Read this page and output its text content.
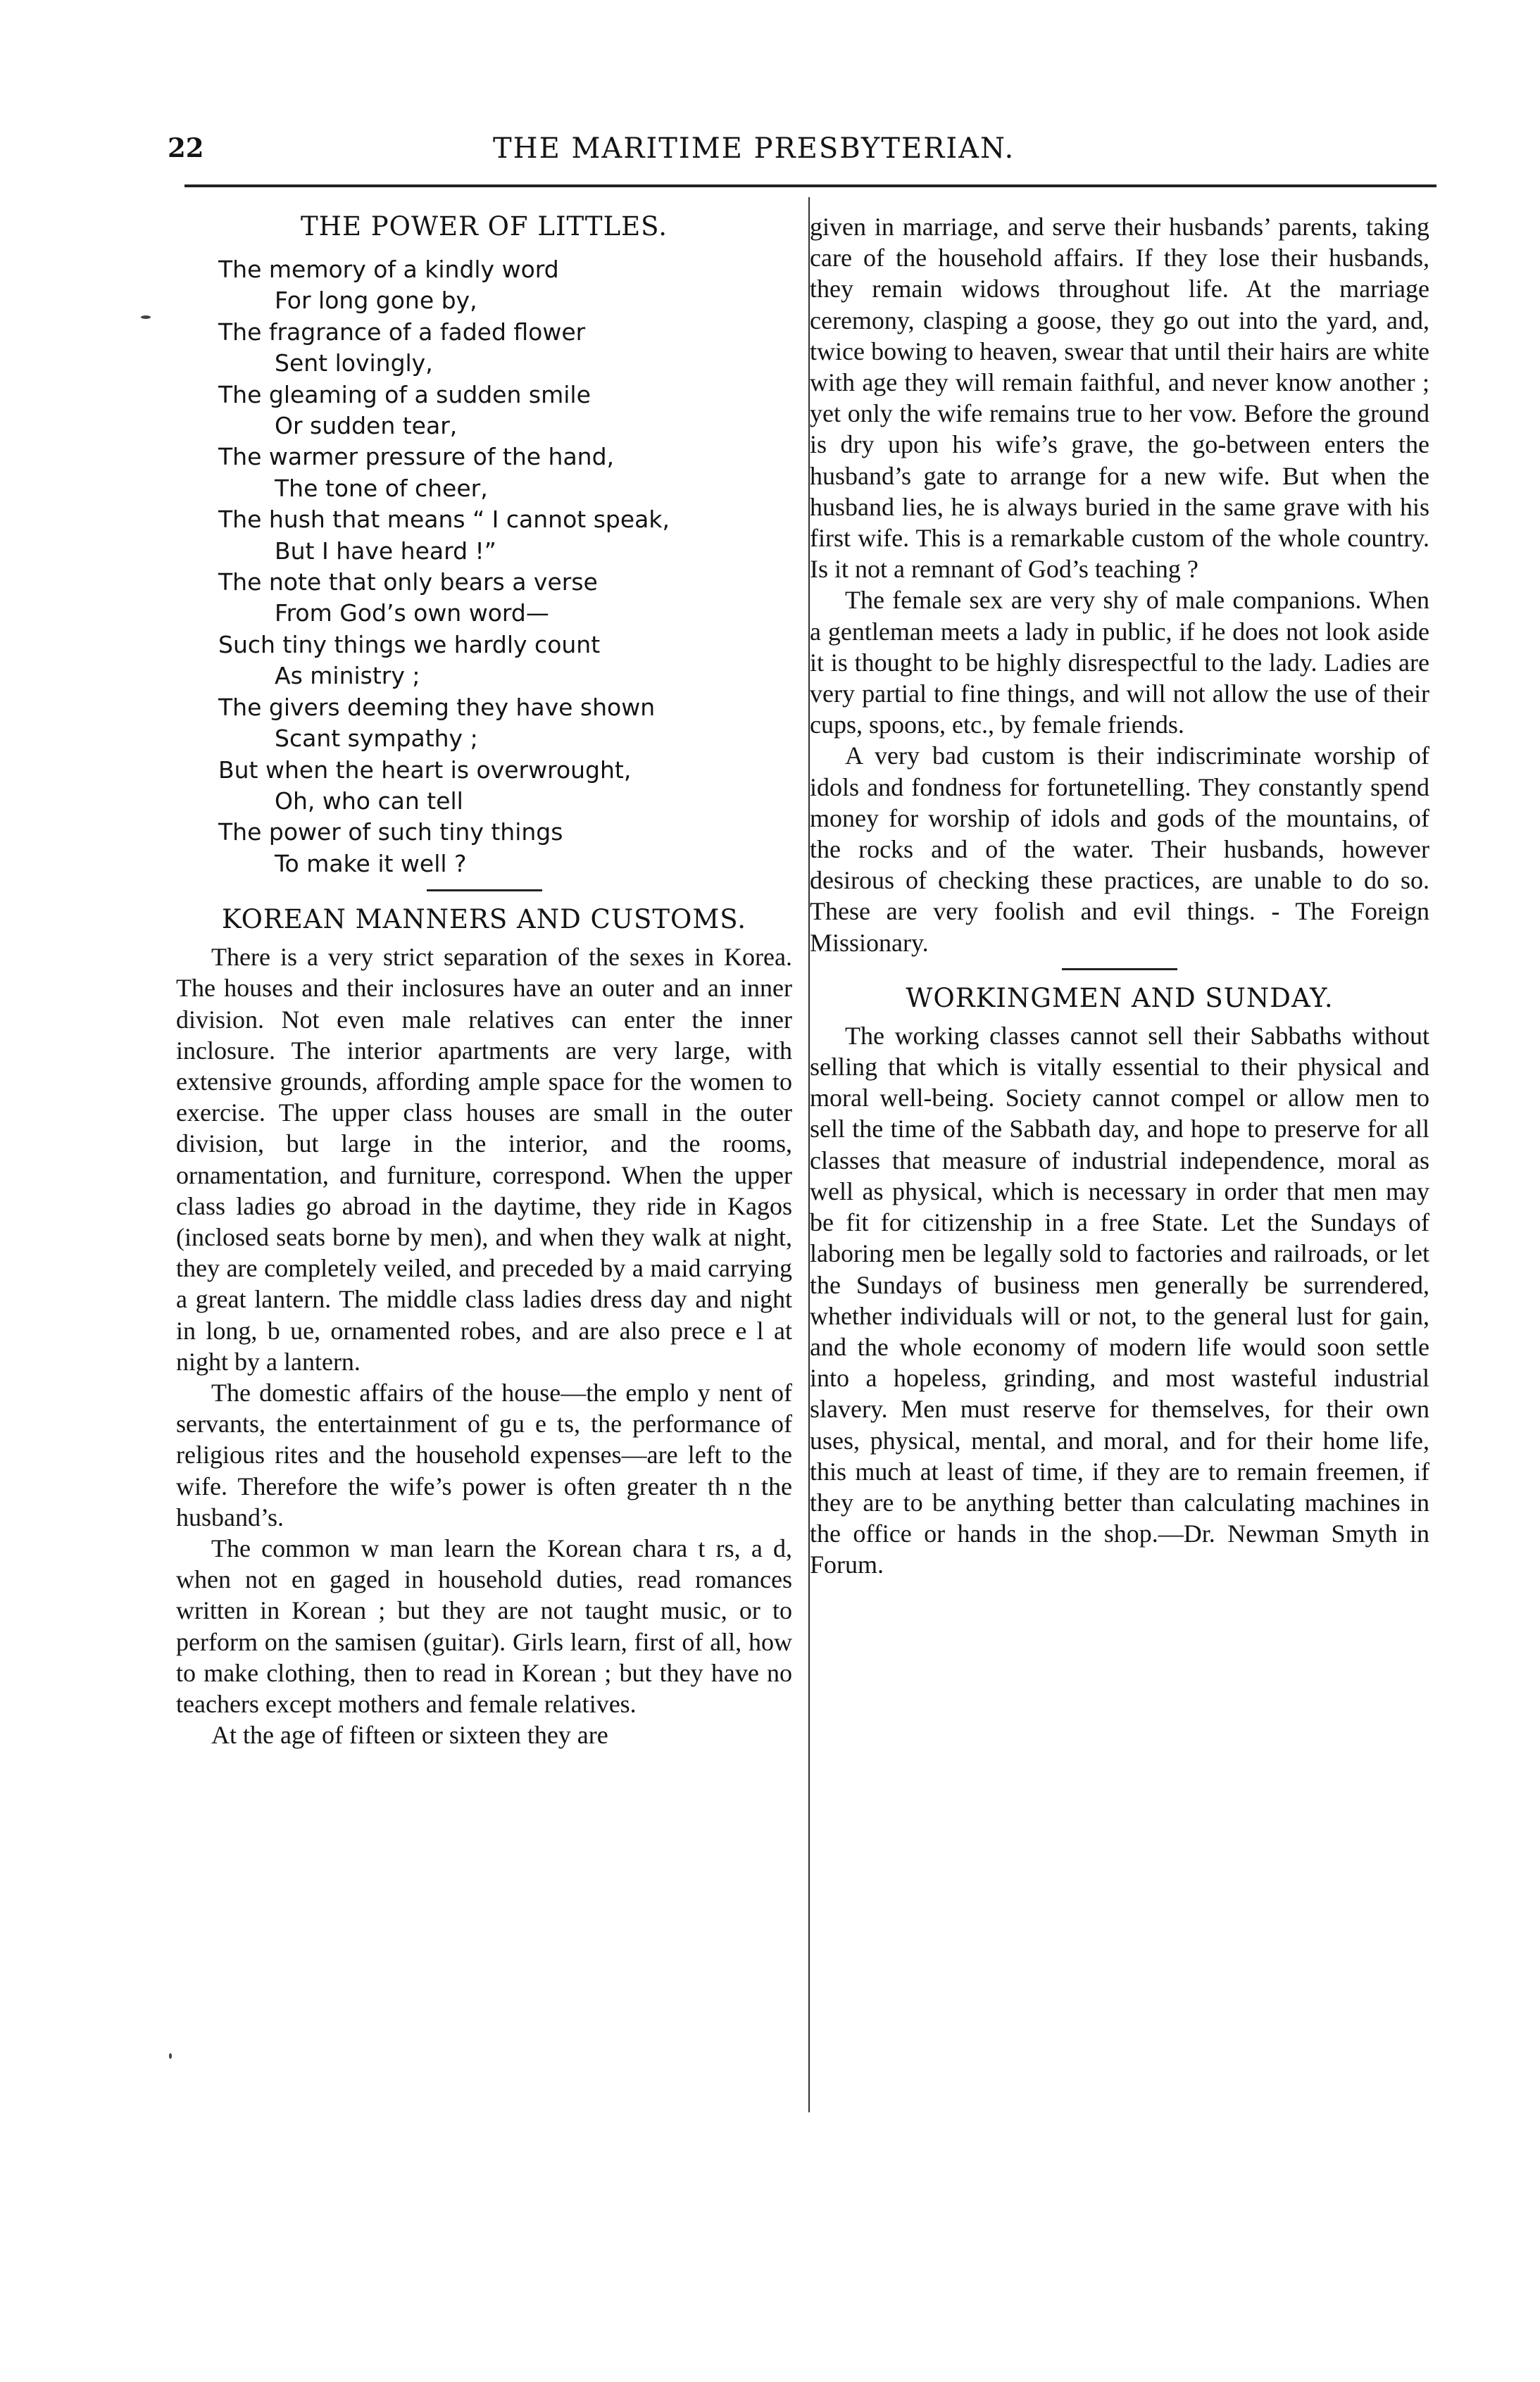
22	THE MARITIME PRESBYTERIAN.
THE POWER OF LITTLES.

The memory of a kindly word

For long gone by,

The fragrance of a faded flower

Sent lovingly,

The gleaming of a sudden smile

Or sudden tear,

The warmer pressure of the hand,

The tone of cheer,

The hush that means “ I cannot speak,

But I have heard !”

The note that only bears a verse

From God’s own word—

Such tiny things we hardly count

As ministry ;

The givers deeming they have shown

Scant sympathy ;

But when the heart is overwrought,

Oh, who can tell

The power of such tiny things

To make it well ?

KOREAN MANNERS AND CUSTOMS.

There is a very strict separation of the sexes in Korea. The houses and their inclosures have an outer and an inner division. Not even male relatives can enter the inner inclosure. The interior apartments are very large, with extensive grounds, affording ample space for the women to exercise. The upper class houses are small in the outer division, but large in the interior, and the rooms, ornamentation, and furniture, correspond. When the upper class ladies go abroad in the daytime, they ride in Kagos (inclosed seats borne by men), and when they walk at night, they are completely veiled, and preceded by a maid carrying a great lantern. The middle class ladies dress day and night in long, b ue, ornamented robes, and are also prece e l at night by a lantern.

The domestic affairs of the house—the emplo y nent of servants, the entertainment of gu e ts, the performance of religious rites and the household expenses—are left to the wife. Therefore the wife’s power is often greater th n the husband’s.

The common w man learn the Korean chara t rs, a d, when not en gaged in household duties, read romances written in Korean ; but they are not taught music, or to perform on the samisen (guitar). Girls learn, first of all, how to make clothing, then to read in Korean ; but they have no teachers except mothers and female relatives.

At the age of fifteen or sixteen they are

given in marriage, and serve their husbands’ parents, taking care of the household affairs. If they lose their husbands, they remain widows throughout life. At the marriage ceremony, clasping a goose, they go out into the yard, and, twice bowing to heaven, swear that until their hairs are white with age they will remain faithful, and never know another ; yet only the wife remains true to her vow. Before the ground is dry upon his wife’s grave, the go-between enters the husband’s gate to arrange for a new wife. But when the husband lies, he is always buried in the same grave with his first wife. This is a remarkable custom of the whole country. Is it not a remnant of God’s teaching ?

The female sex are very shy of male companions. When a gentleman meets a lady in public, if he does not look aside it is thought to be highly disrespectful to the lady. Ladies are very partial to fine things, and will not allow the use of their cups, spoons, etc., by female friends.

A very bad custom is their indiscriminate worship of idols and fondness for fortunetelling. They constantly spend money for worship of idols and gods of the mountains, of the rocks and of the water. Their husbands, however desirous of checking these practices, are unable to do so. These are very foolish and evil things. - The Foreign Missionary.

WORKINGMEN AND SUNDAY.

The working classes cannot sell their Sabbaths without selling that which is vitally essential to their physical and moral well-being. Society cannot compel or allow men to sell the time of the Sabbath day, and hope to preserve for all classes that measure of industrial independence, moral as well as physical, which is necessary in order that men may be fit for citizenship in a free State. Let the Sundays of laboring men be legally sold to factories and railroads, or let the Sundays of business men generally be surrendered, whether individuals will or not, to the general lust for gain, and the whole economy of modern life would soon settle into a hopeless, grinding, and most wasteful industrial slavery. Men must reserve for themselves, for their own uses, physical, mental, and moral, and for their home life, this much at least of time, if they are to remain freemen, if they are to be anything better than calculating machines in the office or hands in the shop.—Dr. Newman Smyth in Forum.
